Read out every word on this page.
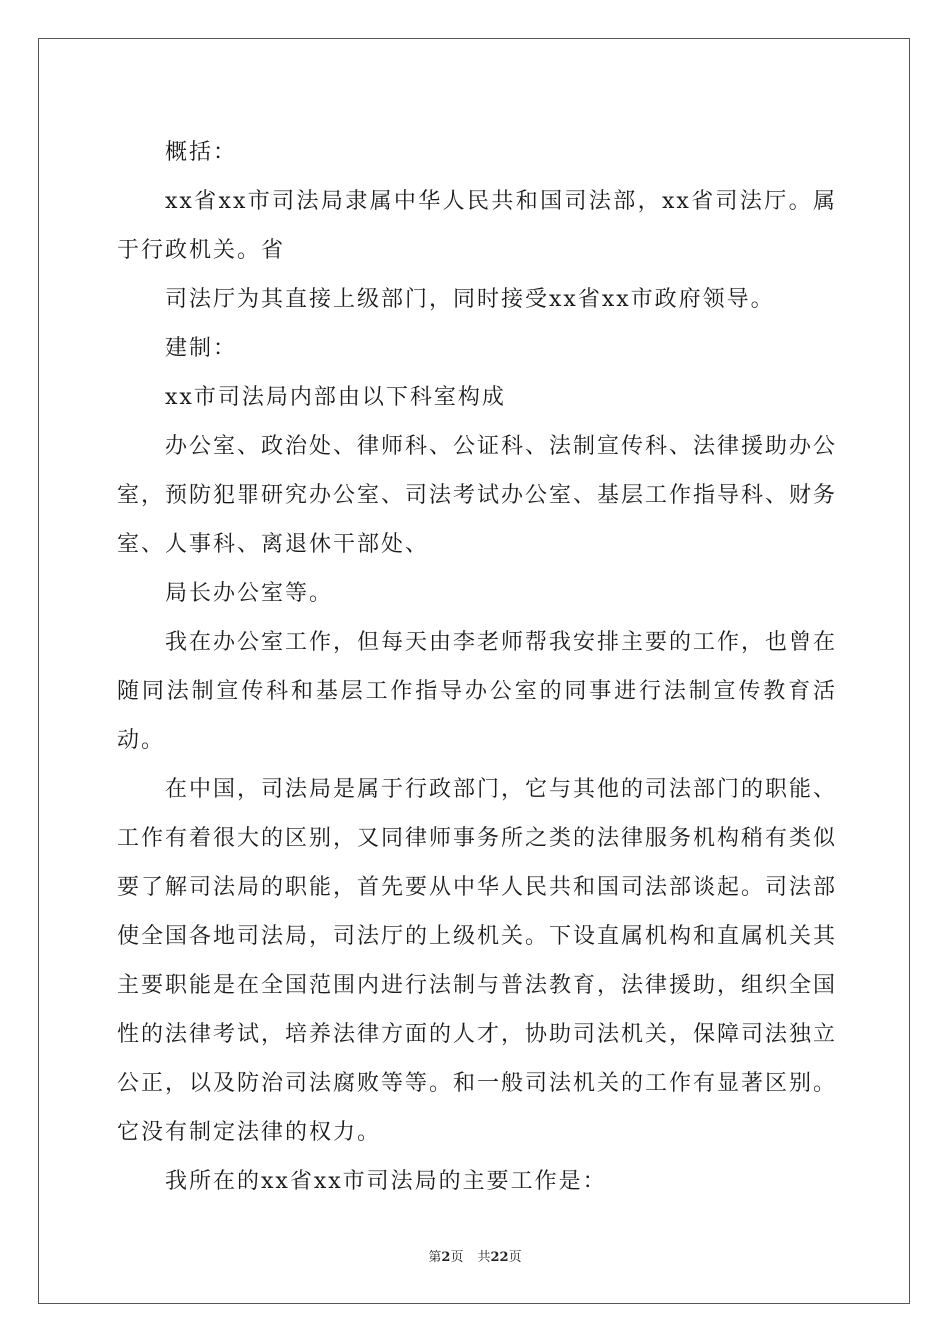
概括：

xx省xx市司法局隶属中华人民共和国司法部，xx省司法厅。属于行政机关。省

司法厅为其直接上级部门，同时接受xx省xx市政府领导。

建制：

xx市司法局内部由以下科室构成

办公室、政治处、律师科、公证科、法制宣传科、法律援助办公室，预防犯罪研究办公室、司法考试办公室、基层工作指导科、财务室、人事科、离退休干部处、

局长办公室等。

我在办公室工作，但每天由李老师帮我安排主要的工作，也曾在随同法制宣传科和基层工作指导办公室的同事进行法制宣传教育活动。

在中国，司法局是属于行政部门，它与其他的司法部门的职能、工作有着很大的区别，又同律师事务所之类的法律服务机构稍有类似要了解司法局的职能，首先要从中华人民共和国司法部谈起。司法部使全国各地司法局，司法厅的上级机关。下设直属机构和直属机关其主要职能是在全国范围内进行法制与普法教育，法律援助，组织全国性的法律考试，培养法律方面的人才，协助司法机关，保障司法独立公正，以及防治司法腐败等等。和一般司法机关的工作有显著区别。它没有制定法律的权力。

我所在的xx省xx市司法局的主要工作是：

第2页 共22页
